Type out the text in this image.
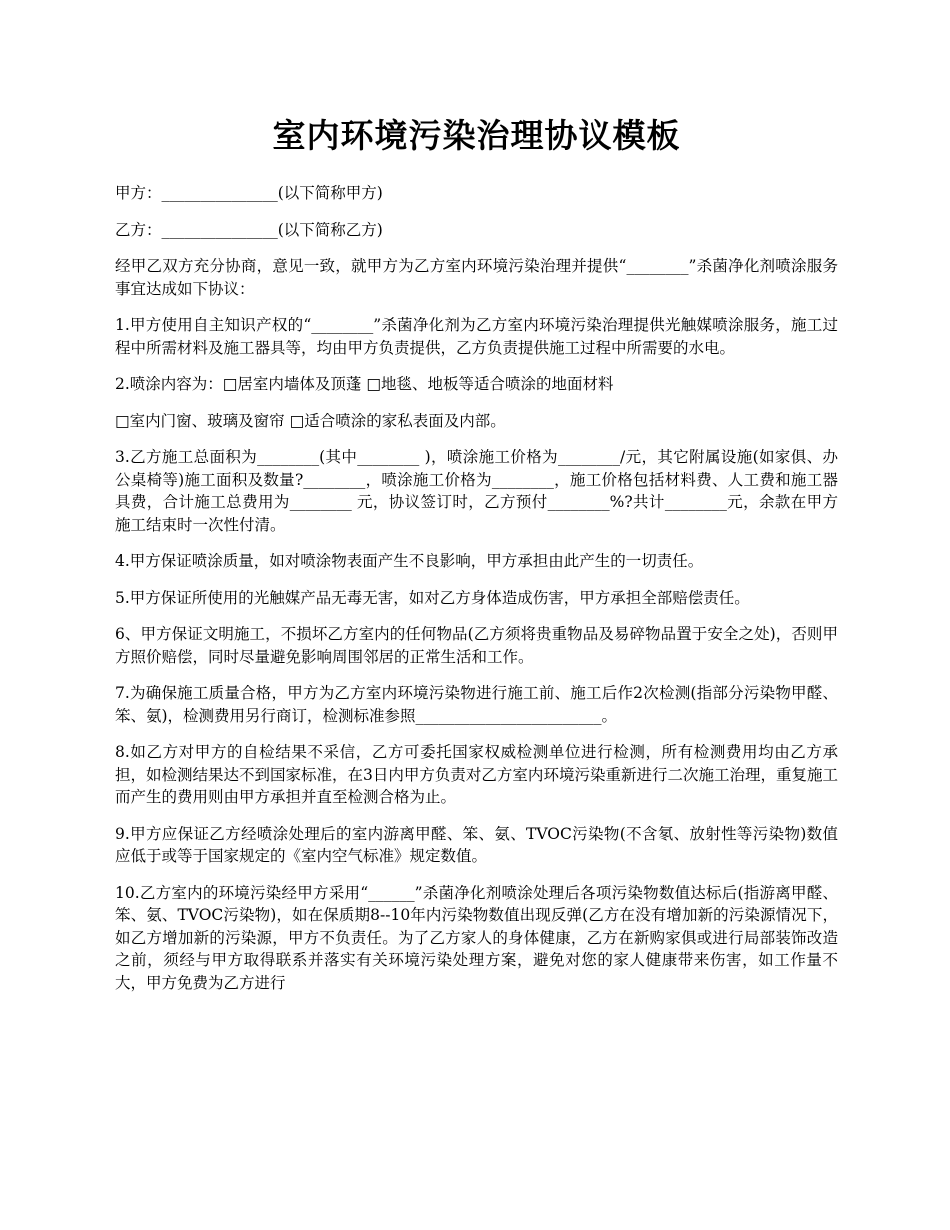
室内环境污染治理协议模板

甲方：_______________(以下简称甲方)

乙方：_______________(以下简称乙方)

经甲乙双方充分协商，意见一致，就甲方为乙方室内环境污染治理并提供“________”杀菌净化剂喷涂服务事宜达成如下协议：

1.甲方使用自主知识产权的“________”杀菌净化剂为乙方室内环境污染治理提供光触媒喷涂服务，施工过程中所需材料及施工器具等，均由甲方负责提供，乙方负责提供施工过程中所需要的水电。

2.喷涂内容为：□居室内墙体及顶蓬 □地毯、地板等适合喷涂的地面材料

□室内门窗、玻璃及窗帘 □适合喷涂的家私表面及内部。

3.乙方施工总面积为________(其中________ )，喷涂施工价格为________/元，其它附属设施(如家俱、办公桌椅等)施工面积及数量?________，喷涂施工价格为________，施工价格包括材料费、人工费和施工器具费，合计施工总费用为________ 元，协议签订时，乙方预付________%?共计________元，余款在甲方施工结束时一次性付清。

4.甲方保证喷涂质量，如对喷涂物表面产生不良影响，甲方承担由此产生的一切责任。

5.甲方保证所使用的光触媒产品无毒无害，如对乙方身体造成伤害，甲方承担全部赔偿责任。

6、甲方保证文明施工，不损坏乙方室内的任何物品(乙方须将贵重物品及易碎物品置于安全之处)，否则甲方照价赔偿，同时尽量避免影响周围邻居的正常生活和工作。

7.为确保施工质量合格，甲方为乙方室内环境污染物进行施工前、施工后作2次检测(指部分污染物甲醛、笨、氨)，检测费用另行商订，检测标准参照________________________。

8.如乙方对甲方的自检结果不采信，乙方可委托国家权威检测单位进行检测，所有检测费用均由乙方承担，如检测结果达不到国家标准，在3日内甲方负责对乙方室内环境污染重新进行二次施工治理，重复施工而产生的费用则由甲方承担并直至检测合格为止。

9.甲方应保证乙方经喷涂处理后的室内游离甲醛、笨、氨、TVOC污染物(不含氡、放射性等污染物)数值应低于或等于国家规定的《室内空气标准》规定数值。

10.乙方室内的环境污染经甲方采用“______”杀菌净化剂喷涂处理后各项污染物数值达标后(指游离甲醛、笨、氨、TVOC污染物)，如在保质期8--10年内污染物数值出现反弹(乙方在没有增加新的污染源情况下，如乙方增加新的污染源，甲方不负责任。为了乙方家人的身体健康，乙方在新购家俱或进行局部装饰改造之前，须经与甲方取得联系并落实有关环境污染处理方案，避免对您的家人健康带来伤害，如工作量不大，甲方免费为乙方进行
